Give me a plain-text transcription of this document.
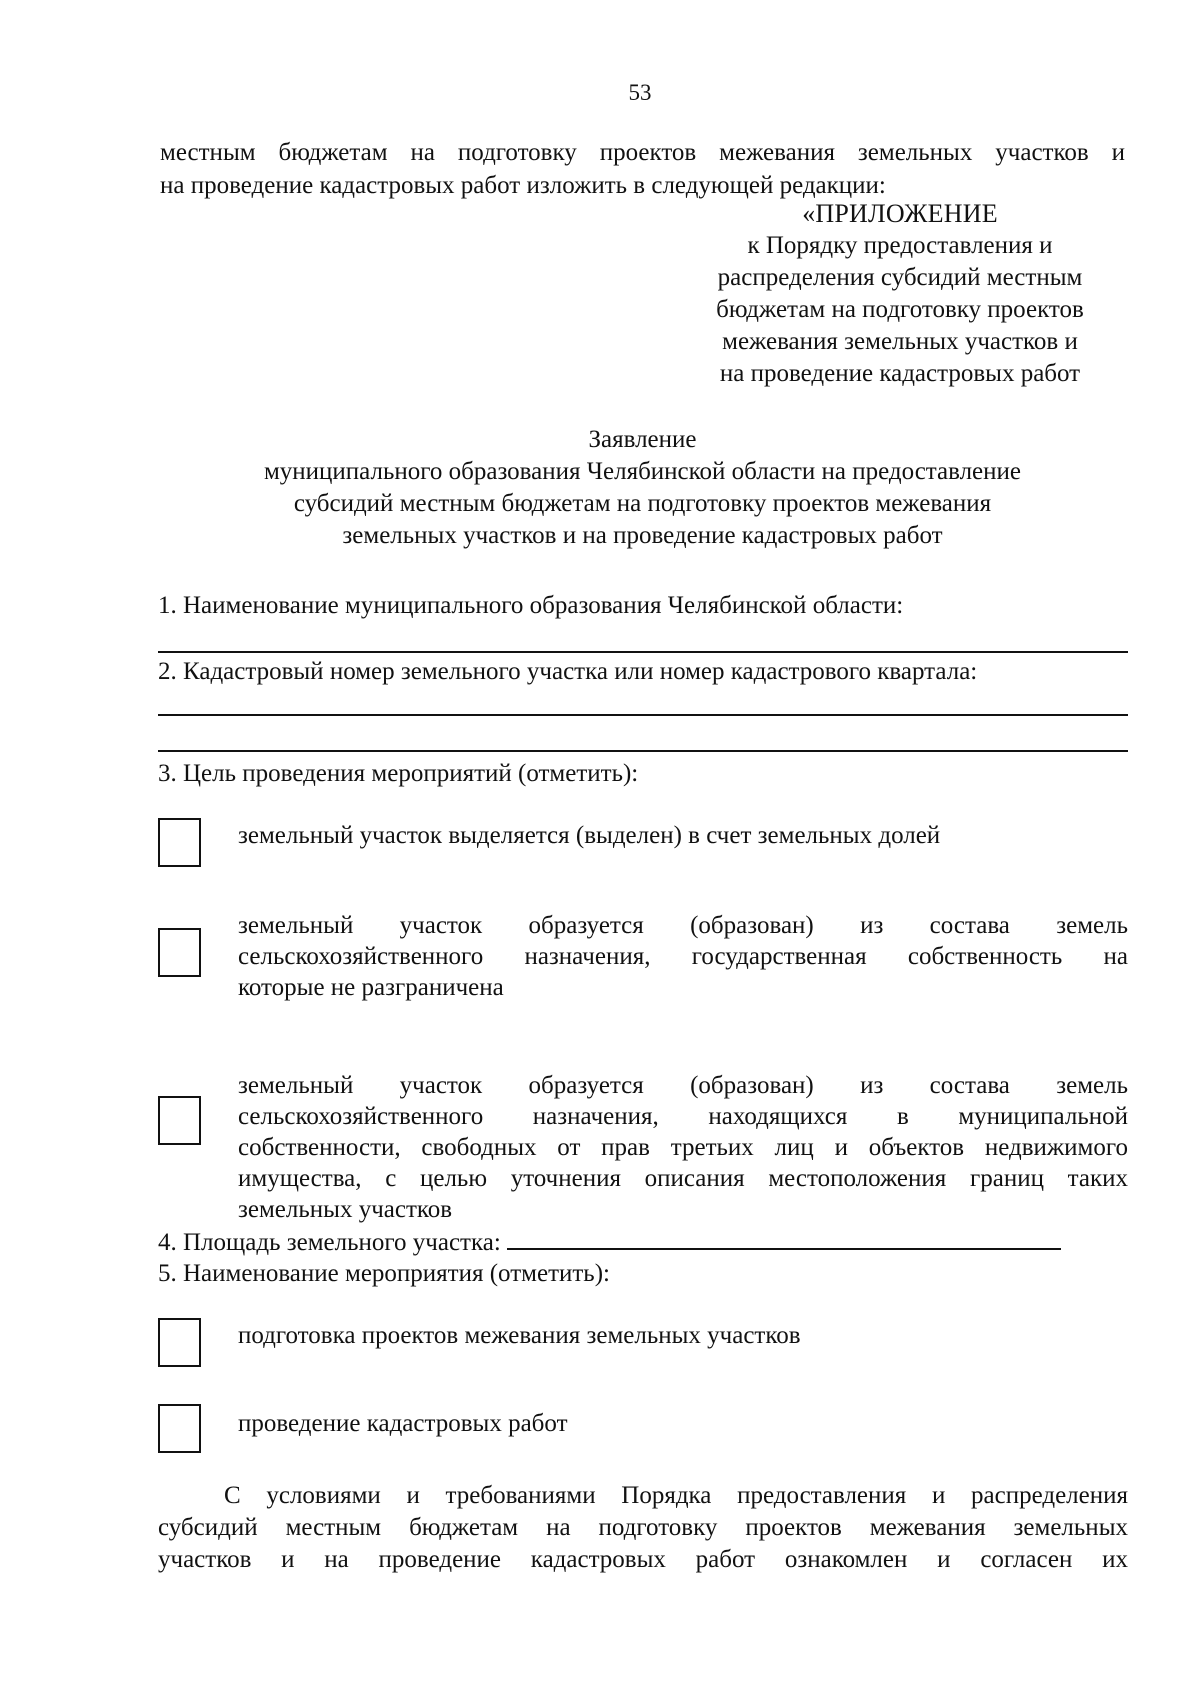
53
местным бюджетам на подготовку проектов межевания земельных участков и
на проведение кадастровых работ изложить в следующей редакции:
«ПРИЛОЖЕНИЕ
к Порядку предоставления и
распределения субсидий местным
бюджетам на подготовку проектов
межевания земельных участков и
на проведение кадастровых работ
Заявление
муниципального образования Челябинской области на предоставление
субсидий местным бюджетам на подготовку проектов межевания
земельных участков и на проведение кадастровых работ
1. Наименование муниципального образования Челябинской области:
2. Кадастровый номер земельного участка или номер кадастрового квартала:
3. Цель проведения мероприятий (отметить):
земельный участок выделяется (выделен) в счет земельных долей
земельный участок образуется (образован) из состава земель
сельскохозяйственного назначения, государственная собственность на
которые не разграничена
земельный участок образуется (образован) из состава земель
сельскохозяйственного назначения, находящихся в муниципальной
собственности, свободных от прав третьих лиц и объектов недвижимого
имущества, с целью уточнения описания местоположения границ таких
земельных участков
4. Площадь земельного участка:
5. Наименование мероприятия (отметить):
подготовка проектов межевания земельных участков
проведение кадастровых работ
С условиями и требованиями Порядка предоставления и распределения
субсидий местным бюджетам на подготовку проектов межевания земельных
участков и на проведение кадастровых работ ознакомлен и согласен их
